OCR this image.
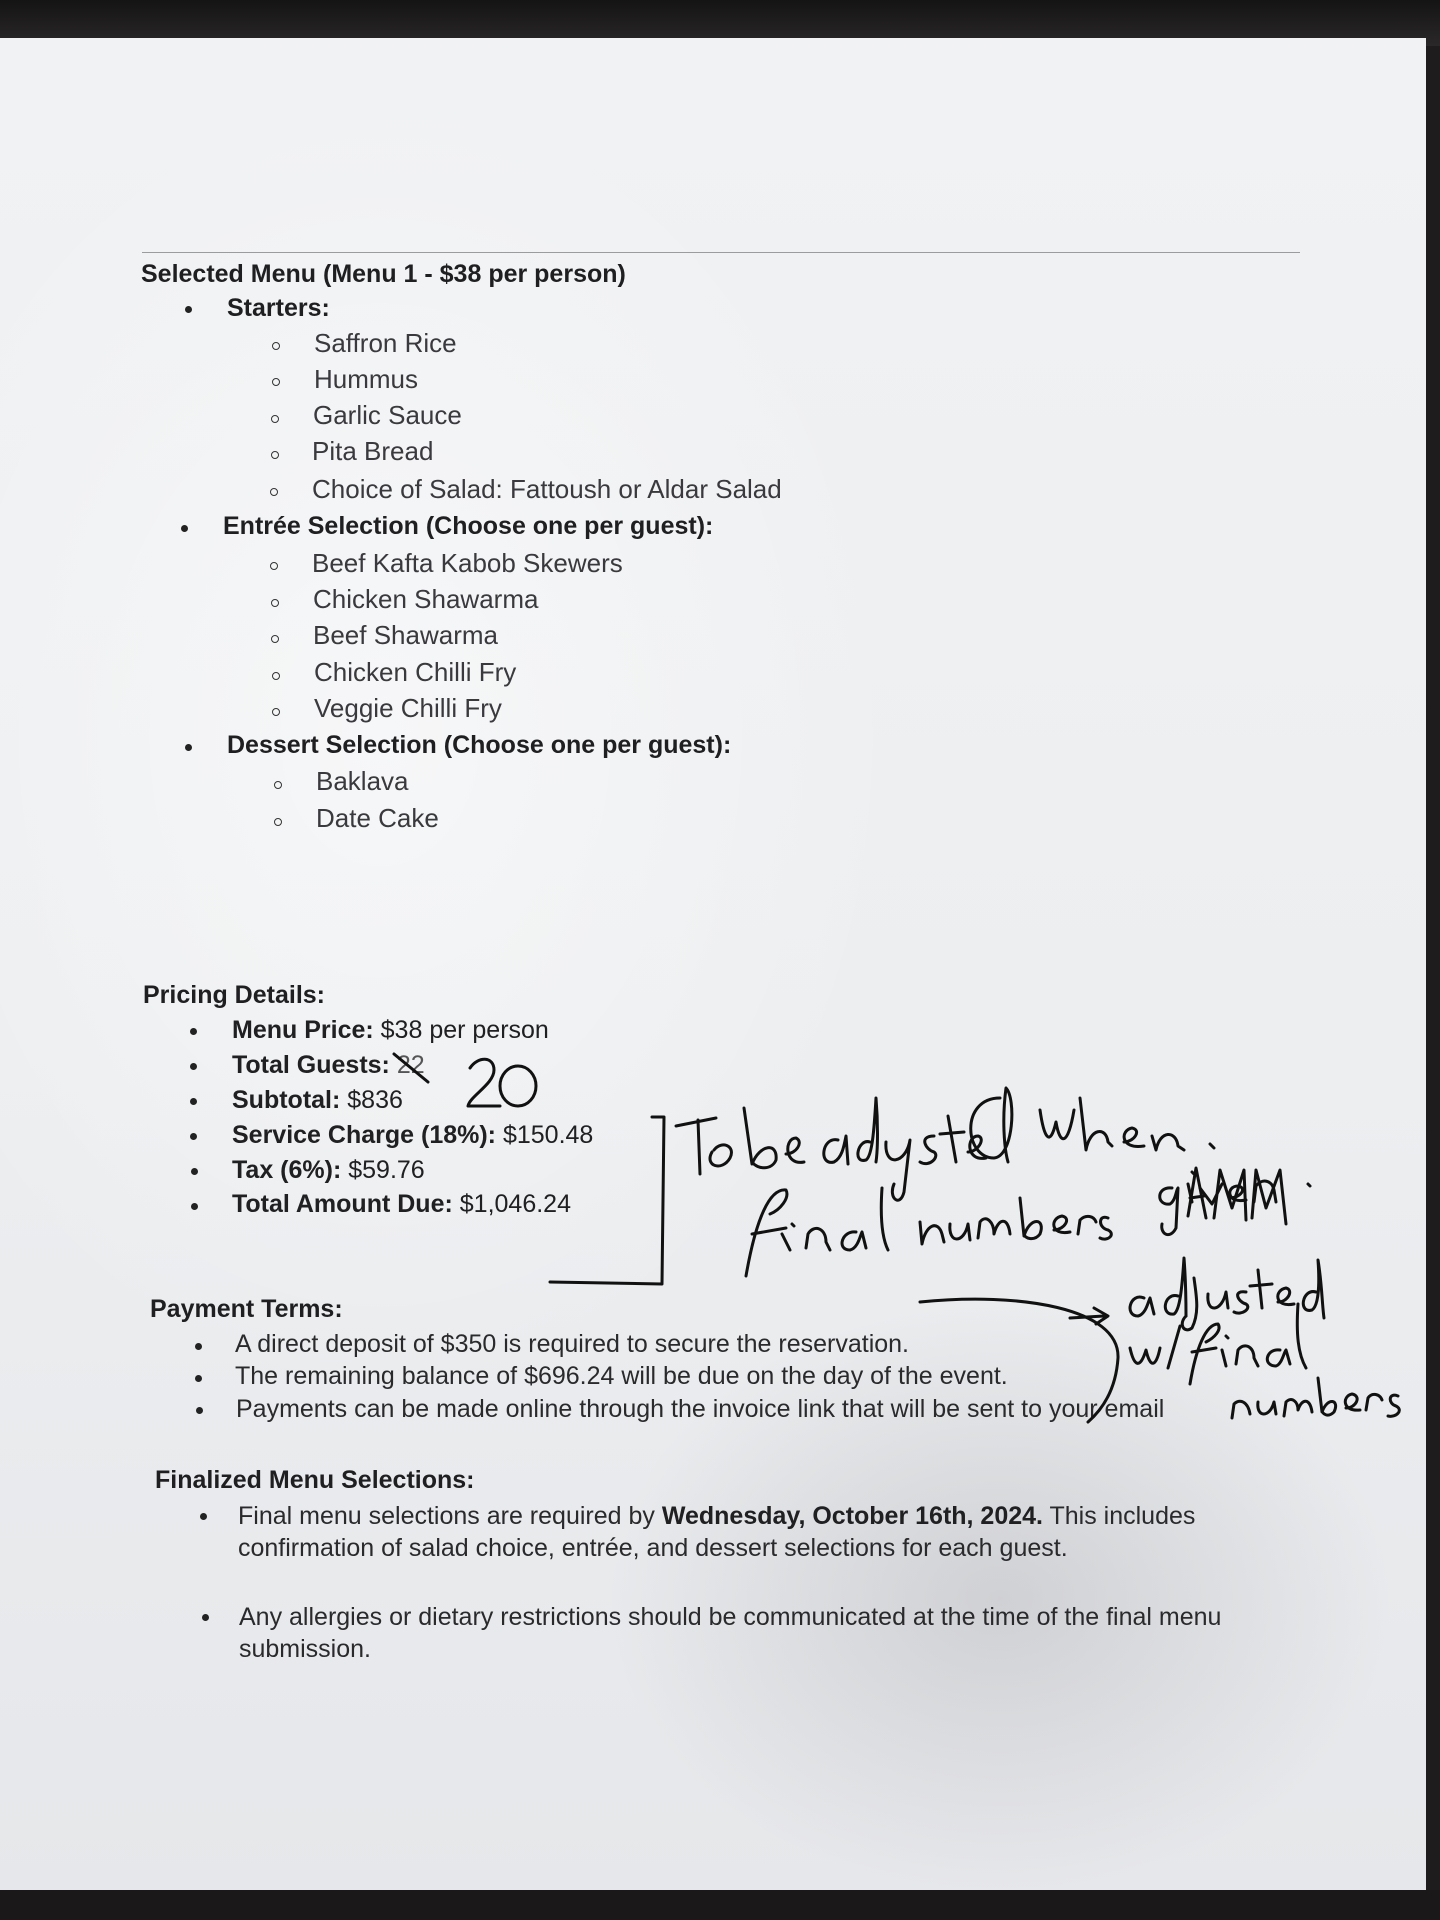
Selected Menu (Menu 1 - $38 per person)
Starters:
Saffron Rice
Hummus
Garlic Sauce
Pita Bread
Choice of Salad: Fattoush or Aldar Salad
Entrée Selection (Choose one per guest):
Beef Kafta Kabob Skewers
Chicken Shawarma
Beef Shawarma
Chicken Chilli Fry
Veggie Chilli Fry
Dessert Selection (Choose one per guest):
Baklava
Date Cake
Pricing Details:
Menu Price: $38 per person
Total Guests: 22
Subtotal: $836
Service Charge (18%): $150.48
Tax (6%): $59.76
Total Amount Due: $1,046.24
Payment Terms:
A direct deposit of $350 is required to secure the reservation.
The remaining balance of $696.24 will be due on the day of the event.
Payments can be made online through the invoice link that will be sent to your email
Finalized Menu Selections:
Final menu selections are required by Wednesday, October 16th, 2024. This includes confirmation of salad choice, entrée, and dessert selections for each guest.
Any allergies or dietary restrictions should be communicated at the time of the final menu submission.
